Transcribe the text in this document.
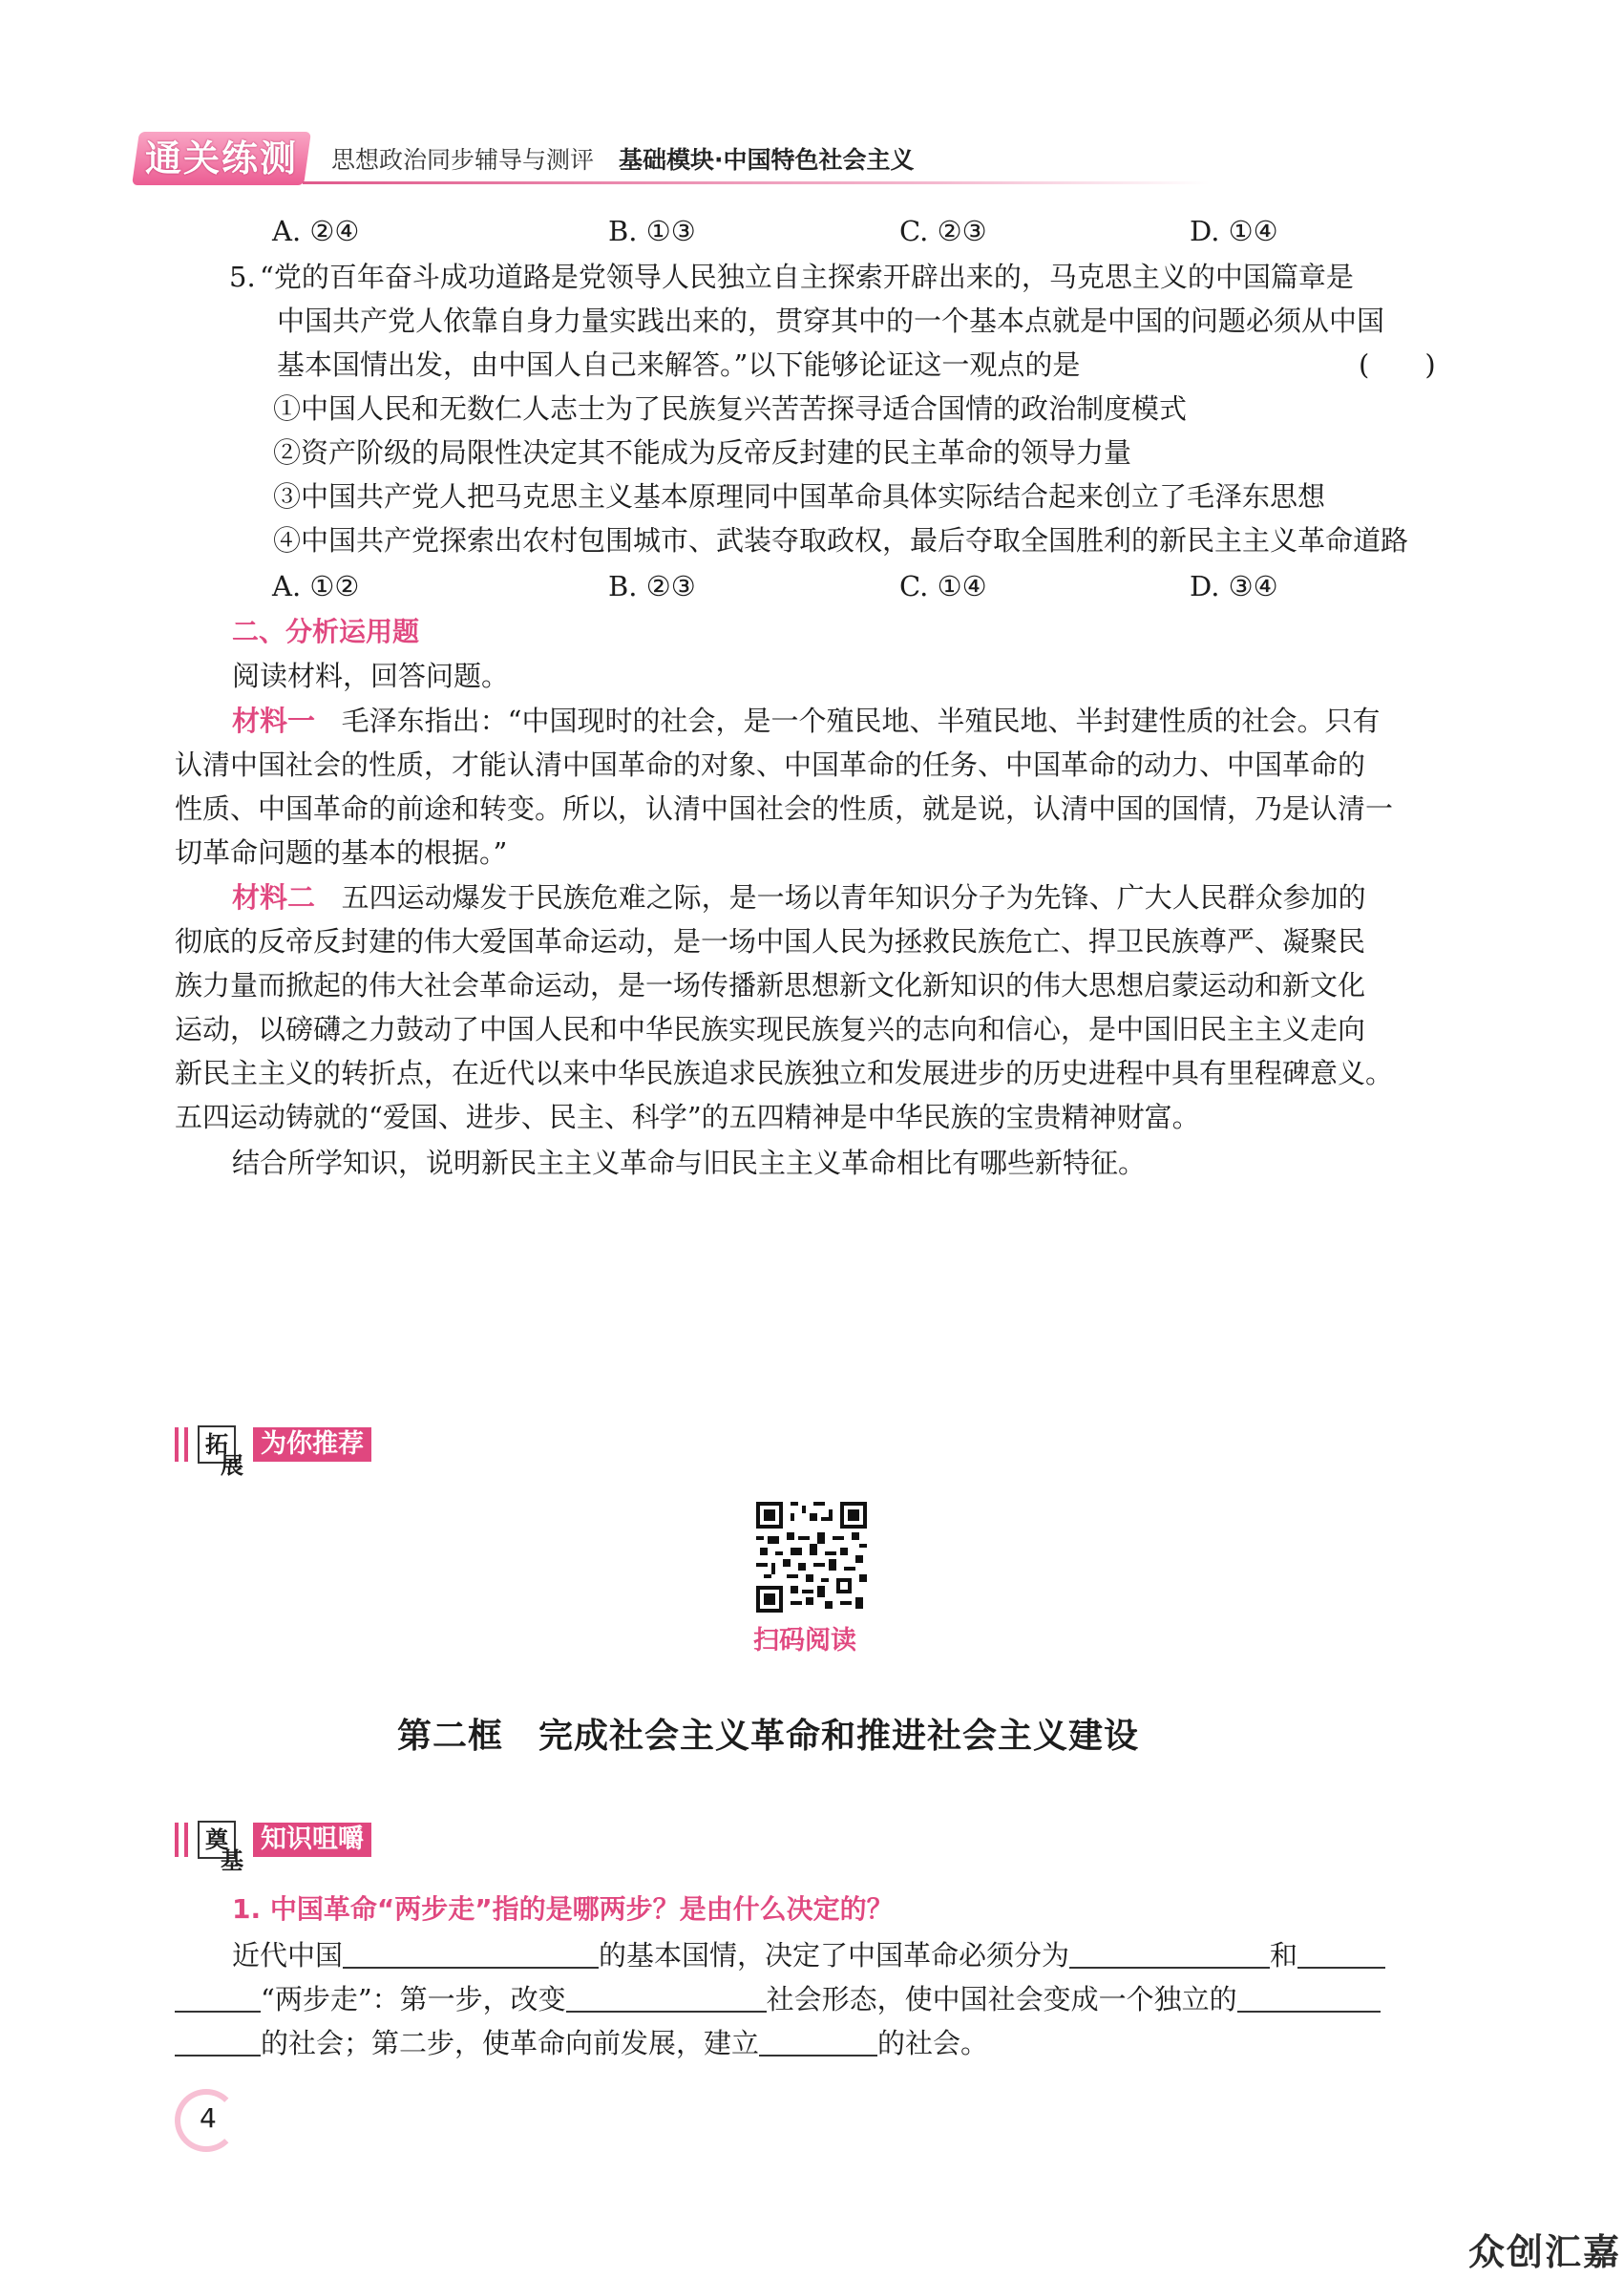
通关练测	思想政治同步辅导与测评 基础模块·中国特色社会主义
A. ②④	B. ①③	C. ②③	D. ①④
5. “党的百年奋斗成功道路是党领导人民独立自主探索开辟出来的，马克思主义的中国篇章是
中国共产党人依靠自身力量实践出来的，贯穿其中的一个基本点就是中国的问题必须从中国
基本国情出发，由中国人自己来解答。”以下能够论证这一观点的是	(　　)
①中国人民和无数仁人志士为了民族复兴苦苦探寻适合国情的政治制度模式
②资产阶级的局限性决定其不能成为反帝反封建的民主革命的领导力量
③中国共产党人把马克思主义基本原理同中国革命具体实际结合起来创立了毛泽东思想
④中国共产党探索出农村包围城市、武装夺取政权，最后夺取全国胜利的新民主主义革命道路
A. ①②	B. ②③	C. ①④	D. ③④
二、分析运用题
阅读材料，回答问题。
材料一 毛泽东指出：“中国现时的社会，是一个殖民地、半殖民地、半封建性质的社会。只有
认清中国社会的性质，才能认清中国革命的对象、中国革命的任务、中国革命的动力、中国革命的
性质、中国革命的前途和转变。所以，认清中国社会的性质，就是说，认清中国的国情，乃是认清一
切革命问题的基本的根据。”
材料二 五四运动爆发于民族危难之际，是一场以青年知识分子为先锋、广大人民群众参加的
彻底的反帝反封建的伟大爱国革命运动，是一场中国人民为拯救民族危亡、捍卫民族尊严、凝聚民
族力量而掀起的伟大社会革命运动，是一场传播新思想新文化新知识的伟大思想启蒙运动和新文化
运动，以磅礴之力鼓动了中国人民和中华民族实现民族复兴的志向和信心，是中国旧民主主义走向
新民主主义的转折点，在近代以来中华民族追求民族独立和发展进步的历史进程中具有里程碑意义。
五四运动铸就的“爱国、进步、民主、科学”的五四精神是中华民族的宝贵精神财富。
结合所学知识，说明新民主主义革命与旧民主主义革命相比有哪些新特征。
拓
展
为你推荐
扫码阅读
第二框　完成社会主义革命和推进社会主义建设
奠
基
知识咀嚼
1. 中国革命“两步走”指的是哪两步？是由什么决定的？
近代中国	的基本国情，决定了中国革命必须分为	和
“两步走”：第一步，改变	社会形态，使中国社会变成一个独立的
的社会；第二步，使革命向前发展，建立	的社会。
4
众创汇嘉
